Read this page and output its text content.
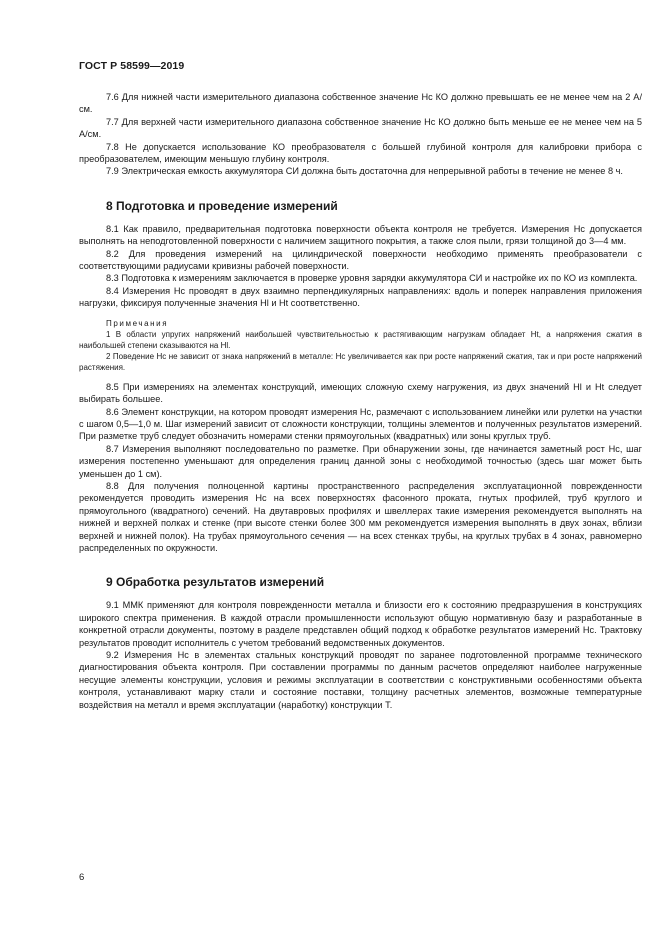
ГОСТ Р 58599—2019

7.6 Для нижней части измерительного диапазона собственное значение Hс КО должно превышать ее не менее чем на 2 А/см.

7.7 Для верхней части измерительного диапазона собственное значение Hс КО должно быть меньше ее не менее чем на 5 А/см.

7.8 Не допускается использование КО преобразователя с большей глубиной контроля для калибровки прибора с преобразователем, имеющим меньшую глубину контроля.

7.9 Электрическая емкость аккумулятора СИ должна быть достаточна для непрерывной работы в течение не менее 8 ч.

8 Подготовка и проведение измерений

8.1 Как правило, предварительная подготовка поверхности объекта контроля не требуется. Измерения Hс допускается выполнять на неподготовленной поверхности с наличием защитного покрытия, а также слоя пыли, грязи толщиной до 3—4 мм.

8.2 Для проведения измерений на цилиндрической поверхности необходимо применять преобразователи с соответствующими радиусами кривизны рабочей поверхности.

8.3 Подготовка к измерениям заключается в проверке уровня зарядки аккумулятора СИ и настройке их по КО из комплекта.

8.4 Измерения Hс проводят в двух взаимно перпендикулярных направлениях: вдоль и поперек направления приложения нагрузки, фиксируя полученные значения Hl и Ht соответственно.

Примечания

1 В области упругих напряжений наибольшей чувствительностью к растягивающим нагрузкам обладает Ht, а напряжения сжатия в наибольшей степени сказываются на Hl.

2 Поведение Hс не зависит от знака напряжений в металле: Hс увеличивается как при росте напряжений сжатия, так и при росте напряжений растяжения.

8.5 При измерениях на элементах конструкций, имеющих сложную схему нагружения, из двух значений Hl и Ht следует выбирать большее.

8.6 Элемент конструкции, на котором проводят измерения Hс, размечают с использованием линейки или рулетки на участки с шагом 0,5—1,0 м. Шаг измерений зависит от сложности конструкции, толщины элементов и полученных результатов измерений. При разметке труб следует обозначить номерами стенки прямоугольных (квадратных) или зоны круглых труб.

8.7 Измерения выполняют последовательно по разметке. При обнаружении зоны, где начинается заметный рост Hс, шаг измерения постепенно уменьшают для определения границ данной зоны с необходимой точностью (здесь шаг может быть уменьшен до 1 см).

8.8 Для получения полноценной картины пространственного распределения эксплуатационной поврежденности рекомендуется проводить измерения Hс на всех поверхностях фасонного проката, гнутых профилей, труб круглого и прямоугольного (квадратного) сечений. На двутавровых профилях и швеллерах такие измерения рекомендуется выполнять на нижней и верхней полках и стенке (при высоте стенки более 300 мм рекомендуется измерения выполнять в двух зонах, вблизи верхней и нижней полок). На трубах прямоугольного сечения — на всех стенках трубы, на круглых трубах в 4 зонах, равномерно распределенных по окружности.

9 Обработка результатов измерений

9.1 ММК применяют для контроля поврежденности металла и близости его к состоянию предразрушения в конструкциях широкого спектра применения. В каждой отрасли промышленности используют общую нормативную базу и разработанные в конкретной отрасли документы, поэтому в разделе представлен общий подход к обработке результатов измерений Hс. Трактовку результатов проводит исполнитель с учетом требований ведомственных документов.

9.2 Измерения Hс в элементах стальных конструкций проводят по заранее подготовленной программе технического диагностирования объекта контроля. При составлении программы по данным расчетов определяют наиболее нагруженные несущие элементы конструкции, условия и режимы эксплуатации в соответствии с конструктивными особенностями объекта контроля, устанавливают марку стали и состояние поставки, толщину расчетных элементов, возможные температурные воздействия на металл и время эксплуатации (наработку) конструкции T.

6
